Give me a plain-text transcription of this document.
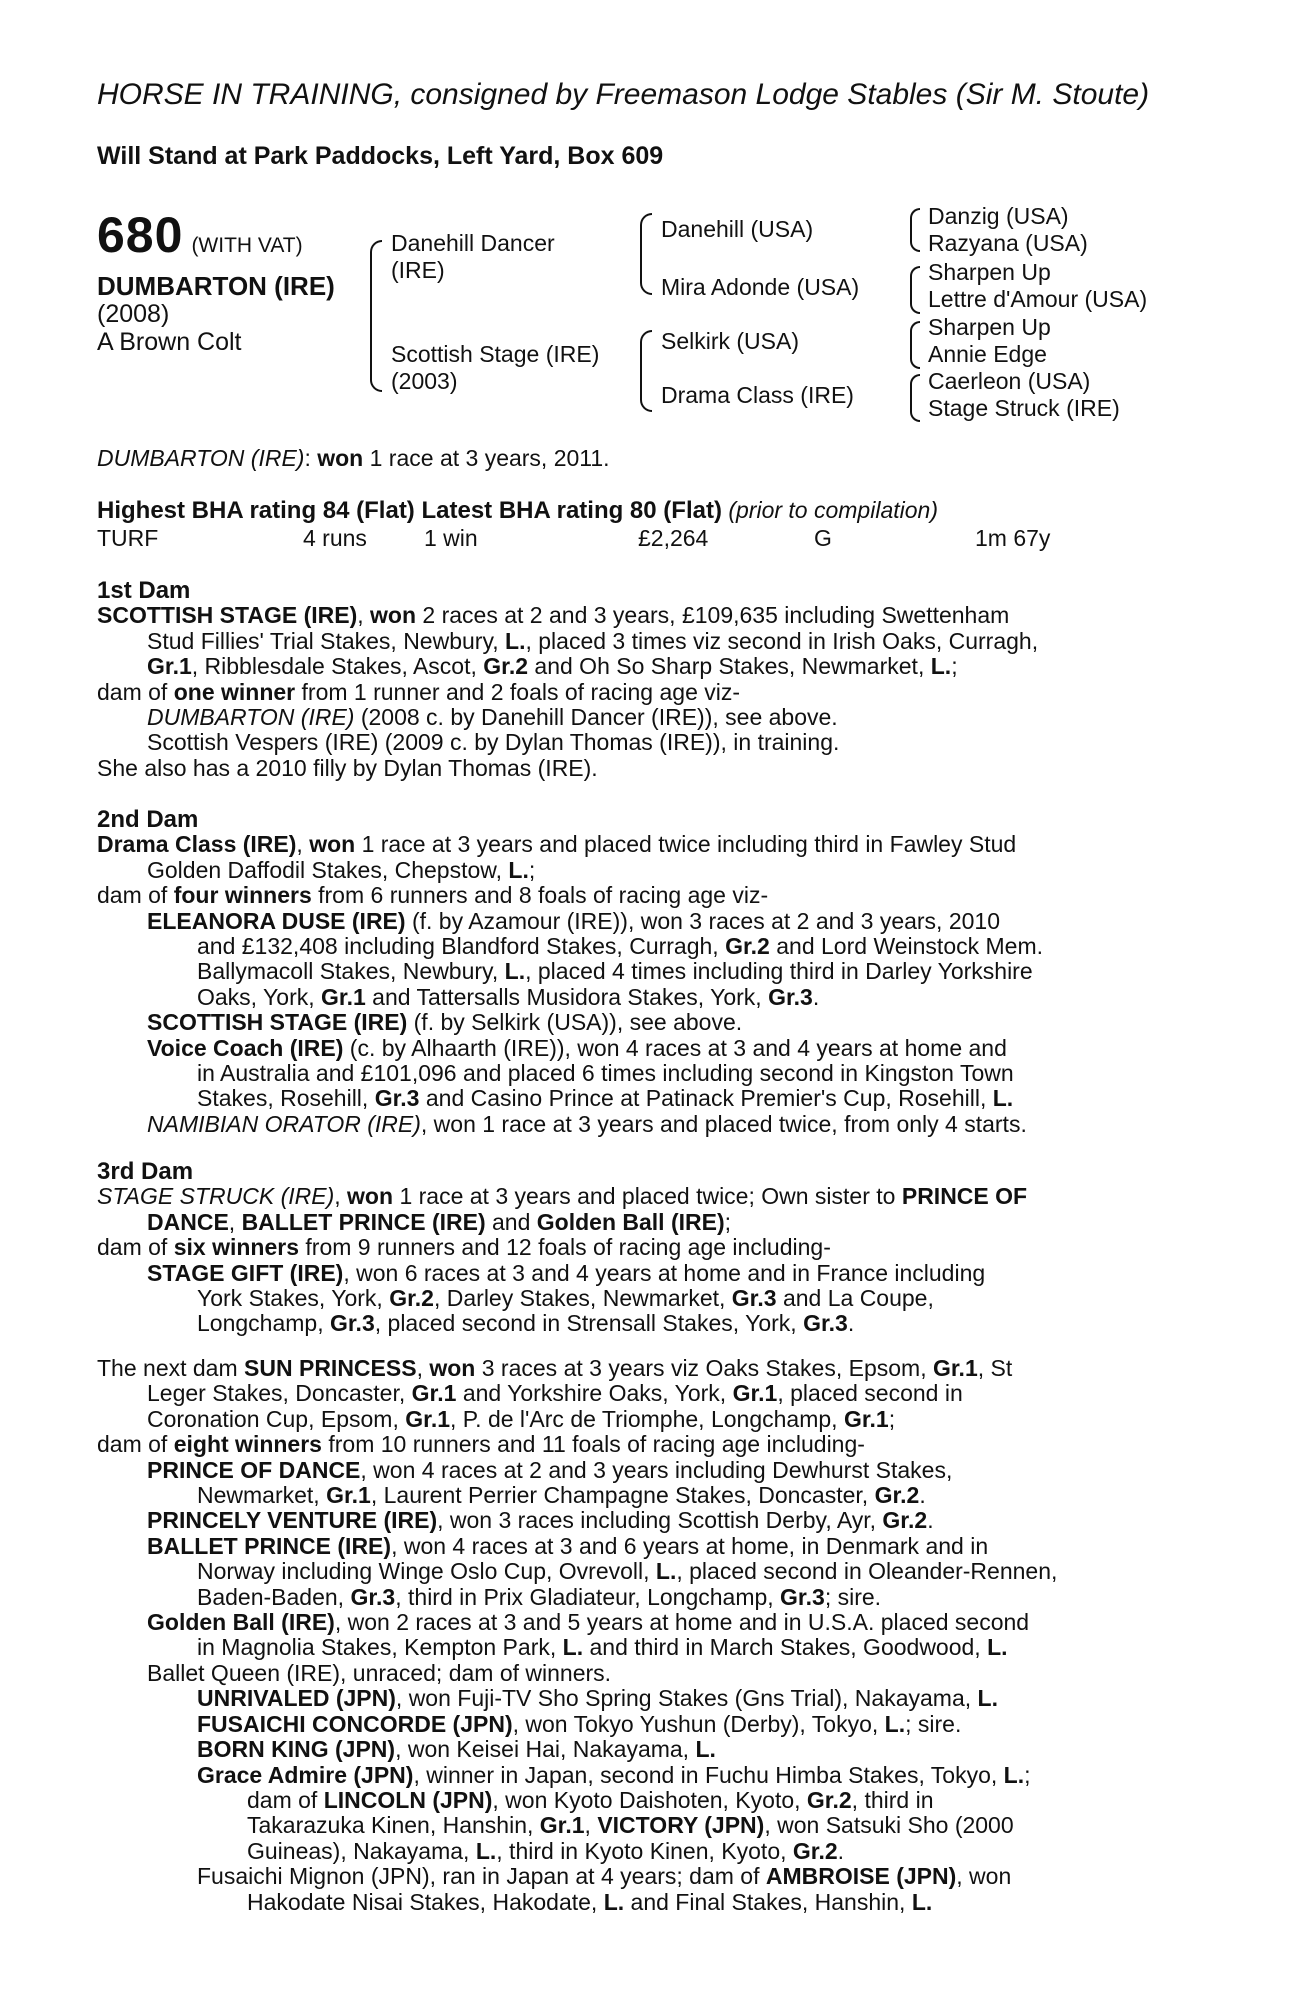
HORSE IN TRAINING, consigned by Freemason Lodge Stables (Sir M. Stoute)
Will Stand at Park Paddocks, Left Yard, Box 609
680 (WITH VAT)
DUMBARTON (IRE)
(2008)
A Brown Colt
Danehill Dancer
(IRE)
Scottish Stage (IRE)
(2003)
Danehill (USA)
Mira Adonde (USA)
Selkirk (USA)
Drama Class (IRE)
Danzig (USA)
Razyana (USA)
Sharpen Up
Lettre d'Amour (USA)
Sharpen Up
Annie Edge
Caerleon (USA)
Stage Struck (IRE)
DUMBARTON (IRE): won 1 race at 3 years, 2011.
Highest BHA rating 84 (Flat) Latest BHA rating 80 (Flat) (prior to compilation)
TURF	4 runs 1 win	£2,264	G	1m 67y
1st Dam
SCOTTISH STAGE (IRE), won 2 races at 2 and 3 years, £109,635 including Swettenham
Stud Fillies' Trial Stakes, Newbury, L., placed 3 times viz second in Irish Oaks, Curragh,
Gr.1, Ribblesdale Stakes, Ascot, Gr.2 and Oh So Sharp Stakes, Newmarket, L.;
dam of one winner from 1 runner and 2 foals of racing age viz-
DUMBARTON (IRE) (2008 c. by Danehill Dancer (IRE)), see above.
Scottish Vespers (IRE) (2009 c. by Dylan Thomas (IRE)), in training.
She also has a 2010 filly by Dylan Thomas (IRE).
2nd Dam
Drama Class (IRE), won 1 race at 3 years and placed twice including third in Fawley Stud
Golden Daffodil Stakes, Chepstow, L.;
dam of four winners from 6 runners and 8 foals of racing age viz-
ELEANORA DUSE (IRE) (f. by Azamour (IRE)), won 3 races at 2 and 3 years, 2010
and £132,408 including Blandford Stakes, Curragh, Gr.2 and Lord Weinstock Mem.
Ballymacoll Stakes, Newbury, L., placed 4 times including third in Darley Yorkshire
Oaks, York, Gr.1 and Tattersalls Musidora Stakes, York, Gr.3.
SCOTTISH STAGE (IRE) (f. by Selkirk (USA)), see above.
Voice Coach (IRE) (c. by Alhaarth (IRE)), won 4 races at 3 and 4 years at home and
in Australia and £101,096 and placed 6 times including second in Kingston Town
Stakes, Rosehill, Gr.3 and Casino Prince at Patinack Premier's Cup, Rosehill, L.
NAMIBIAN ORATOR (IRE), won 1 race at 3 years and placed twice, from only 4 starts.
3rd Dam
STAGE STRUCK (IRE), won 1 race at 3 years and placed twice; Own sister to PRINCE OF
DANCE, BALLET PRINCE (IRE) and Golden Ball (IRE);
dam of six winners from 9 runners and 12 foals of racing age including-
STAGE GIFT (IRE), won 6 races at 3 and 4 years at home and in France including
York Stakes, York, Gr.2, Darley Stakes, Newmarket, Gr.3 and La Coupe,
Longchamp, Gr.3, placed second in Strensall Stakes, York, Gr.3.
The next dam SUN PRINCESS, won 3 races at 3 years viz Oaks Stakes, Epsom, Gr.1, St
Leger Stakes, Doncaster, Gr.1 and Yorkshire Oaks, York, Gr.1, placed second in
Coronation Cup, Epsom, Gr.1, P. de l'Arc de Triomphe, Longchamp, Gr.1;
dam of eight winners from 10 runners and 11 foals of racing age including-
PRINCE OF DANCE, won 4 races at 2 and 3 years including Dewhurst Stakes,
Newmarket, Gr.1, Laurent Perrier Champagne Stakes, Doncaster, Gr.2.
PRINCELY VENTURE (IRE), won 3 races including Scottish Derby, Ayr, Gr.2.
BALLET PRINCE (IRE), won 4 races at 3 and 6 years at home, in Denmark and in
Norway including Winge Oslo Cup, Ovrevoll, L., placed second in Oleander-Rennen,
Baden-Baden, Gr.3, third in Prix Gladiateur, Longchamp, Gr.3; sire.
Golden Ball (IRE), won 2 races at 3 and 5 years at home and in U.S.A. placed second
in Magnolia Stakes, Kempton Park, L. and third in March Stakes, Goodwood, L.
Ballet Queen (IRE), unraced; dam of winners.
UNRIVALED (JPN), won Fuji-TV Sho Spring Stakes (Gns Trial), Nakayama, L.
FUSAICHI CONCORDE (JPN), won Tokyo Yushun (Derby), Tokyo, L.; sire.
BORN KING (JPN), won Keisei Hai, Nakayama, L.
Grace Admire (JPN), winner in Japan, second in Fuchu Himba Stakes, Tokyo, L.;
dam of LINCOLN (JPN), won Kyoto Daishoten, Kyoto, Gr.2, third in
Takarazuka Kinen, Hanshin, Gr.1, VICTORY (JPN), won Satsuki Sho (2000
Guineas), Nakayama, L., third in Kyoto Kinen, Kyoto, Gr.2.
Fusaichi Mignon (JPN), ran in Japan at 4 years; dam of AMBROISE (JPN), won
Hakodate Nisai Stakes, Hakodate, L. and Final Stakes, Hanshin, L.
